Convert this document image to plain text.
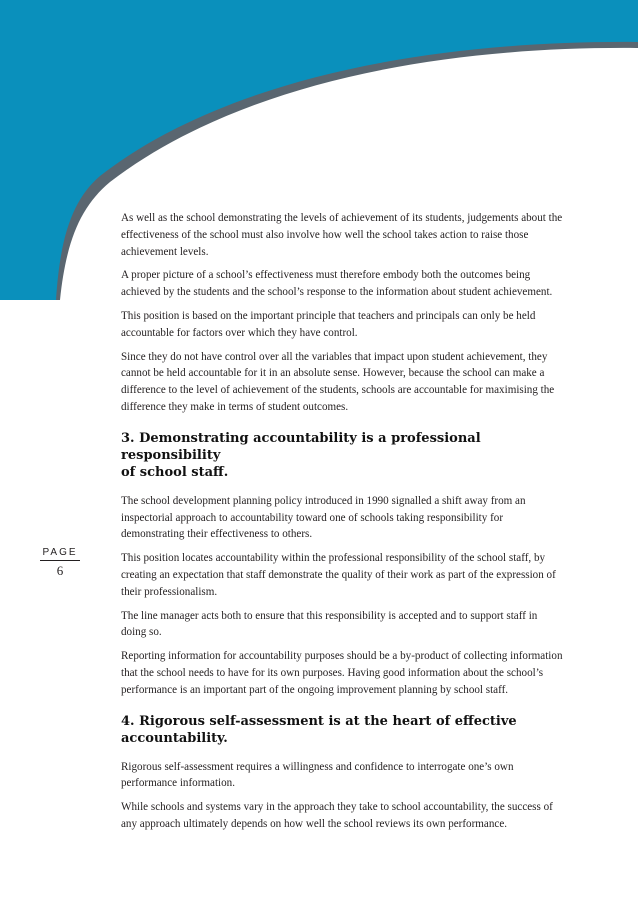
As well as the school demonstrating the levels of achievement of its students, judgements about the effectiveness of the school must also involve how well the school takes action to raise those achievement levels.

A proper picture of a school’s effectiveness must therefore embody both the outcomes being achieved by the students and the school’s response to the information about student achievement.

This position is based on the important principle that teachers and principals can only be held accountable for factors over which they have control.

Since they do not have control over all the variables that impact upon student achievement, they cannot be held accountable for it in an absolute sense. However, because the school can make a difference to the level of achievement of the students, schools are accountable for maximising the difference they make in terms of student outcomes.

3. Demonstrating accountability is a professional responsibility
of school staff.

The school development planning policy introduced in 1990 signalled a shift away from an inspectorial approach to accountability toward one of schools taking responsibility for demonstrating their effectiveness to others.

This position locates accountability within the professional responsibility of the school staff, by creating an expectation that staff demonstrate the quality of their work as part of the expression of their professionalism.

The line manager acts both to ensure that this responsibility is accepted and to support staff in doing so.

Reporting information for accountability purposes should be a by-product of collecting information that the school needs to have for its own purposes. Having good information about the school’s performance is an important part of the ongoing improvement planning by school staff.

4. Rigorous self-assessment is at the heart of effective accountability.

Rigorous self-assessment requires a willingness and confidence to interrogate one’s own performance information.

While schools and systems vary in the approach they take to school accountability, the success of any approach ultimately depends on how well the school reviews its own performance.

PAGE
6
